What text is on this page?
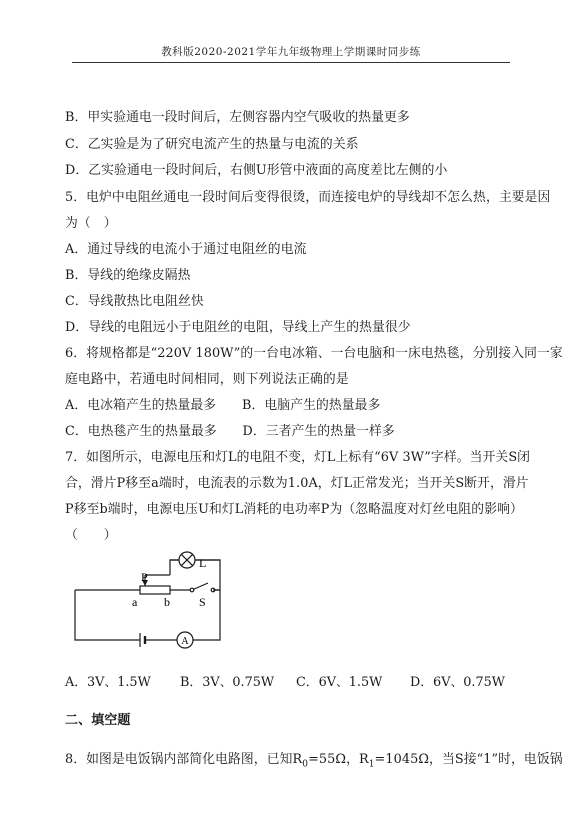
教科版2020-2021学年九年级物理上学期课时同步练
B．甲实验通电一段时间后，左侧容器内空气吸收的热量更多
C．乙实验是为了研究电流产生的热量与电流的关系
D．乙实验通电一段时间后，右侧U形管中液面的高度差比左侧的小
5．电炉中电阻丝通电一段时间后变得很烫，而连接电炉的导线却不怎么热，主要是因
为（　）
A．通过导线的电流小于通过电阻丝的电流
B．导线的绝缘皮隔热
C．导线散热比电阻丝快
D．导线的电阻远小于电阻丝的电阻，导线上产生的热量很少
6．将规格都是“220V 180W”的一台电冰箱、一台电脑和一床电热毯，分别接入同一家
庭电路中，若通电时间相同，则下列说法正确的是
A．电冰箱产生的热量最多　　B．电脑产生的热量最多
C．电热毯产生的热量最多　　D．三者产生的热量一样多
7．如图所示，电源电压和灯L的电阻不变，灯L上标有“6V 3W”字样。当开关S闭
合，滑片P移至a端时，电流表的示数为1.0A，灯L正常发光；当开关S断开，滑片
P移至b端时，电源电压U和灯L消耗的电功率P为（忽略温度对灯丝电阻的影响）
（　　）
L
P
a b S
A
A．3V、1.5W B．3V、0.75W C．6V、1.5W D．6V、0.75W
二、填空题
8．如图是电饭锅内部简化电路图，已知$R_0=55\Omega$，$R_1=1045\Omega$，当S接“1”时，电饭锅
